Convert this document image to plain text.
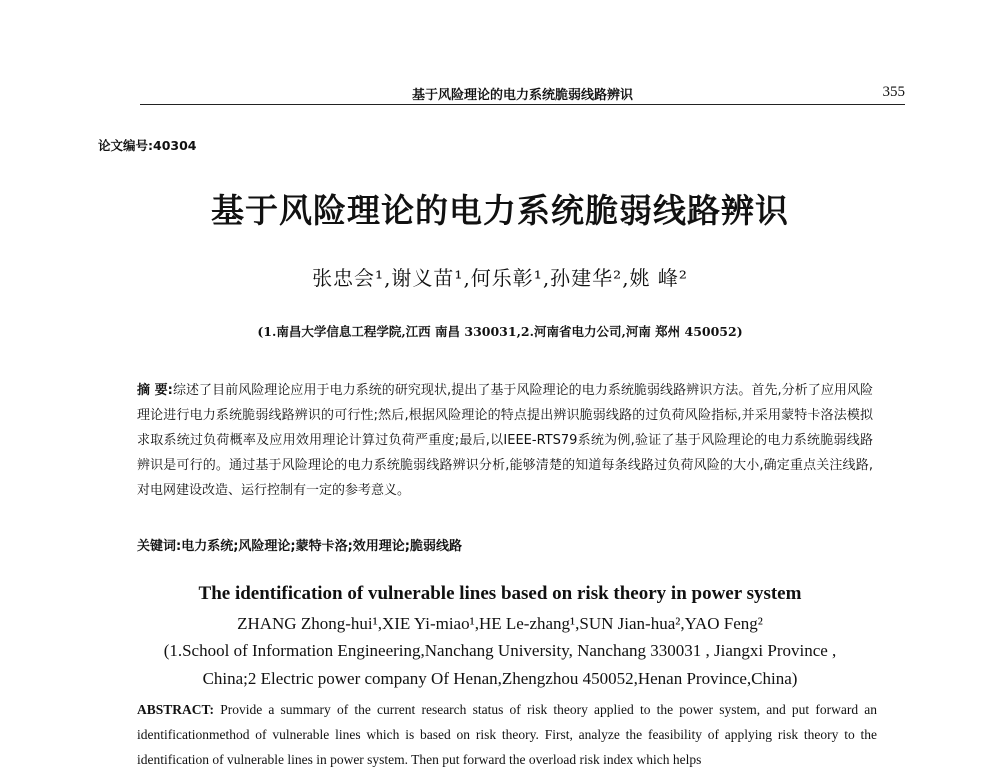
基于风险理论的电力系统脆弱线路辨识	355
论文编号:40304
基于风险理论的电力系统脆弱线路辨识
张忠会¹,谢义苗¹,何乐彰¹,孙建华²,姚 峰²
(1.南昌大学信息工程学院,江西 南昌 330031,2.河南省电力公司,河南 郑州 450052)
摘 要:综述了目前风险理论应用于电力系统的研究现状,提出了基于风险理论的电力系统脆弱线路辨识方法。首先,分析了应用风险理论进行电力系统脆弱线路辨识的可行性;然后,根据风险理论的特点提出辨识脆弱线路的过负荷风险指标,并采用蒙特卡洛法模拟求取系统过负荷概率及应用效用理论计算过负荷严重度;最后,以IEEE-RTS79系统为例,验证了基于风险理论的电力系统脆弱线路辨识是可行的。通过基于风险理论的电力系统脆弱线路辨识分析,能够清楚的知道每条线路过负荷风险的大小,确定重点关注线路,对电网建设改造、运行控制有一定的参考意义。
关键词:电力系统;风险理论;蒙特卡洛;效用理论;脆弱线路
The identification of vulnerable lines based on risk theory in power system
ZHANG Zhong-hui¹,XIE Yi-miao¹,HE Le-zhang¹,SUN Jian-hua²,YAO Feng²
(1.School of Information Engineering,Nanchang University, Nanchang 330031 , Jiangxi Province ,
China;2 Electric power company Of Henan,Zhengzhou 450052,Henan Province,China)
ABSTRACT: Provide a summary of the current research status of risk theory applied to the power system, and put forward an identificationmethod of vulnerable lines which is based on risk theory. First, analyze the feasibility of applying risk theory to the identification of vulnerable lines in power system. Then put forward the overload risk index which helps
